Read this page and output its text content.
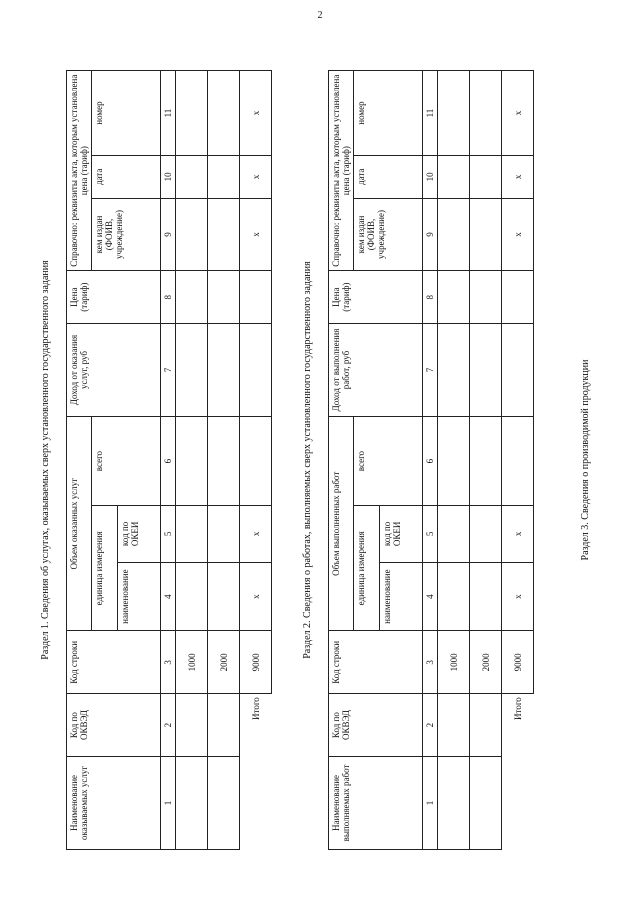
2
Раздел 1. Сведения об услугах, оказываемых сверх установленного государственного задания
Наименование оказываемых услуг	Код по ОКВЭД	Код строки	Объем оказанных услуг			Доход от оказания услуг, руб	Цена (тариф)	Справочно: реквизиты акта, которым установлена цена (тариф)		
			единица измерения		всего			кем издан (ФОИВ, учреждение)	дата	номер
			наименование	код по ОКЕИ						
1	2	3	4	5	6	7	8	9	10	11
		1000								
		2000								
	Итого	9000	х	х				х	х	х
Раздел 2. Сведения о работах, выполняемых сверх установленного государственного задания
Наименование выполняемых работ	Код по ОКВЭД	Код строки	Объем выполненных работ			Доход от выполнения работ, руб	Цена (тариф)	Справочно: реквизиты акта, которым установлена цена (тариф)		
			единица измерения		всего			кем издан (ФОИВ, учреждение)	дата	номер
			наименование	код по ОКЕИ						
1	2	3	4	5	6	7	8	9	10	11
		1000								
		2000								
	Итого	9000	х	х				х	х	х
Раздел 3. Сведения о производимой продукции
